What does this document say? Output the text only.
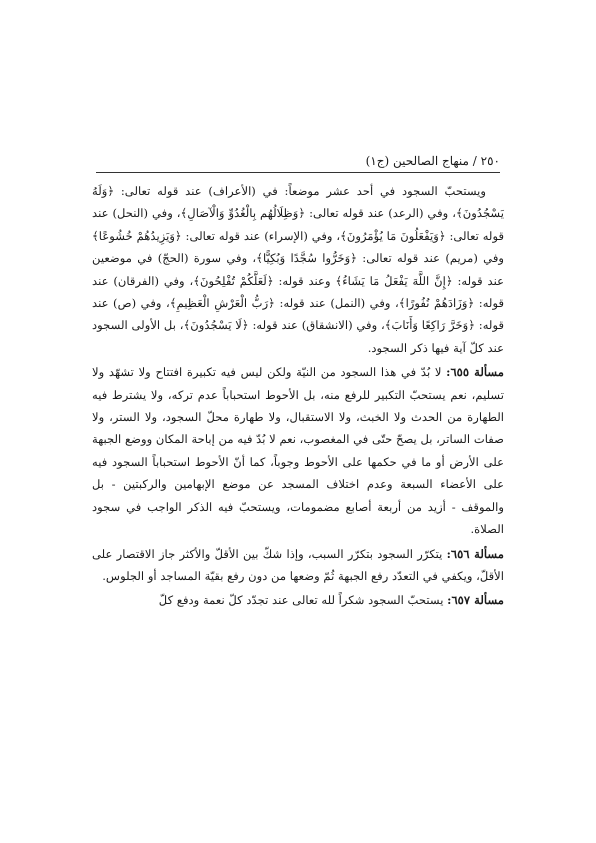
٢٥٠
/
منهاج الصالحين (ج١)

ويستحبّ السجود في أحد عشر موضعاً: في (الأعراف) عند قوله تعالى: ﴿وَلَهُ يَسْجُدُونَ﴾، وفي (الرعد) عند قوله تعالى: ﴿وَظِلَالُهُم بِالْغُدُوِّ وَالْآصَالِ﴾، وفي (النحل) عند قوله تعالى: ﴿وَيَفْعَلُونَ مَا يُؤْمَرُونَ﴾، وفي (الإسراء) عند قوله تعالى: ﴿وَيَزِيدُهُمْ خُشُوعًا﴾ وفي (مريم) عند قوله تعالى: ﴿وَخَرُّوا سُجَّدًا وَبُكِيًّا﴾، وفي سورة (الحجّ) في موضعين عند قوله: ﴿إِنَّ اللَّهَ يَفْعَلُ مَا يَشَاءُ﴾ وعند قوله: ﴿لَعَلَّكُمْ تُفْلِحُونَ﴾، وفي (الفرقان) عند قوله: ﴿وَزَادَهُمْ نُفُورًا﴾، وفي (النمل) عند قوله: ﴿رَبُّ الْعَرْشِ الْعَظِيمِ﴾، وفي (ص) عند قوله: ﴿وَخَرَّ رَاكِعًا وَأَنَابَ﴾، وفي (الانشقاق) عند قوله: ﴿لَا يَسْجُدُونَ﴾، بل الأولى السجود عند كلّ آية فيها ذكر السجود.

مسألة ٦٥٥: لا بُدّ في هذا السجود من النيّة ولكن ليس فيه تكبيرة افتتاح ولا تشهّد ولا تسليم، نعم يستحبّ التكبير للرفع منه، بل الأحوط استحباباً عدم تركه، ولا يشترط فيه الطهارة من الحدث ولا الخبث، ولا الاستقبال، ولا طهارة محلّ السجود، ولا الستر، ولا صفات الساتر، بل يصحّ حتّى في المغصوب، نعم لا بُدّ فيه من إباحة المكان ووضع الجبهة على الأرض أو ما في حكمها على الأحوط وجوباً، كما أنّ الأحوط استحباباً السجود فيه على الأعضاء السبعة وعدم اختلاف المسجد عن موضع الإبهامين والركبتين - بل والموقف - أزيد من أربعة أصابع مضمومات، ويستحبّ فيه الذكر الواجب في سجود الصلاة.

مسألة ٦٥٦: يتكرّر السجود بتكرّر السبب، وإذا شكّ بين الأقلّ والأكثر جاز الاقتصار على الأقلّ، ويكفي في التعدّد رفع الجبهة ثُمّ وضعها من دون رفع بقيّة المساجد أو الجلوس.

مسألة ٦٥٧: يستحبّ السجود شكراً لله تعالى عند تجدّد كلّ نعمة ودفع كلّ
